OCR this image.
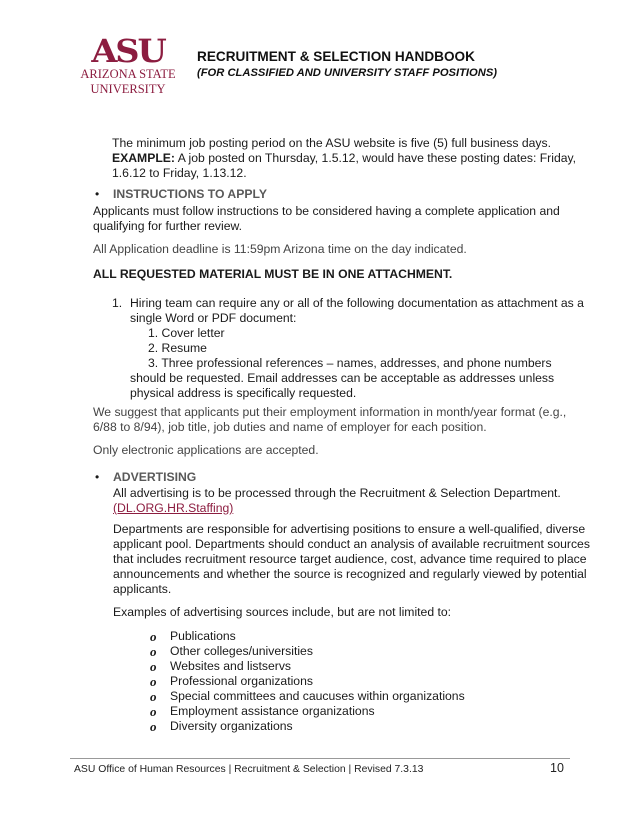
ASU
ARIZONA STATE
UNIVERSITY
RECRUITMENT & SELECTION HANDBOOK
(FOR CLASSIFIED AND UNIVERSITY STAFF POSITIONS)
The minimum job posting period on the ASU website is five (5) full business days.
EXAMPLE: A job posted on Thursday, 1.5.12, would have these posting dates: Friday,
1.6.12 to Friday, 1.13.12.
• INSTRUCTIONS TO APPLY
Applicants must follow instructions to be considered having a complete application and
qualifying for further review.
All Application deadline is 11:59pm Arizona time on the day indicated.
ALL REQUESTED MATERIAL MUST BE IN ONE ATTACHMENT.
1. Hiring team can require any or all of the following documentation as attachment as a
single Word or PDF document:
1. Cover letter
2. Resume
3. Three professional references – names, addresses, and phone numbers
should be requested. Email addresses can be acceptable as addresses unless
physical address is specifically requested.
We suggest that applicants put their employment information in month/year format (e.g.,
6/88 to 8/94), job title, job duties and name of employer for each position.
Only electronic applications are accepted.
• ADVERTISING
All advertising is to be processed through the Recruitment & Selection Department.
(DL.ORG.HR.Staffing)
Departments are responsible for advertising positions to ensure a well-qualified, diverse
applicant pool. Departments should conduct an analysis of available recruitment sources
that includes recruitment resource target audience, cost, advance time required to place
announcements and whether the source is recognized and regularly viewed by potential
applicants.
Examples of advertising sources include, but are not limited to:
o Publications
o Other colleges/universities
o Websites and listservs
o Professional organizations
o Special committees and caucuses within organizations
o Employment assistance organizations
o Diversity organizations
ASU Office of Human Resources | Recruitment & Selection | Revised 7.3.13	10
